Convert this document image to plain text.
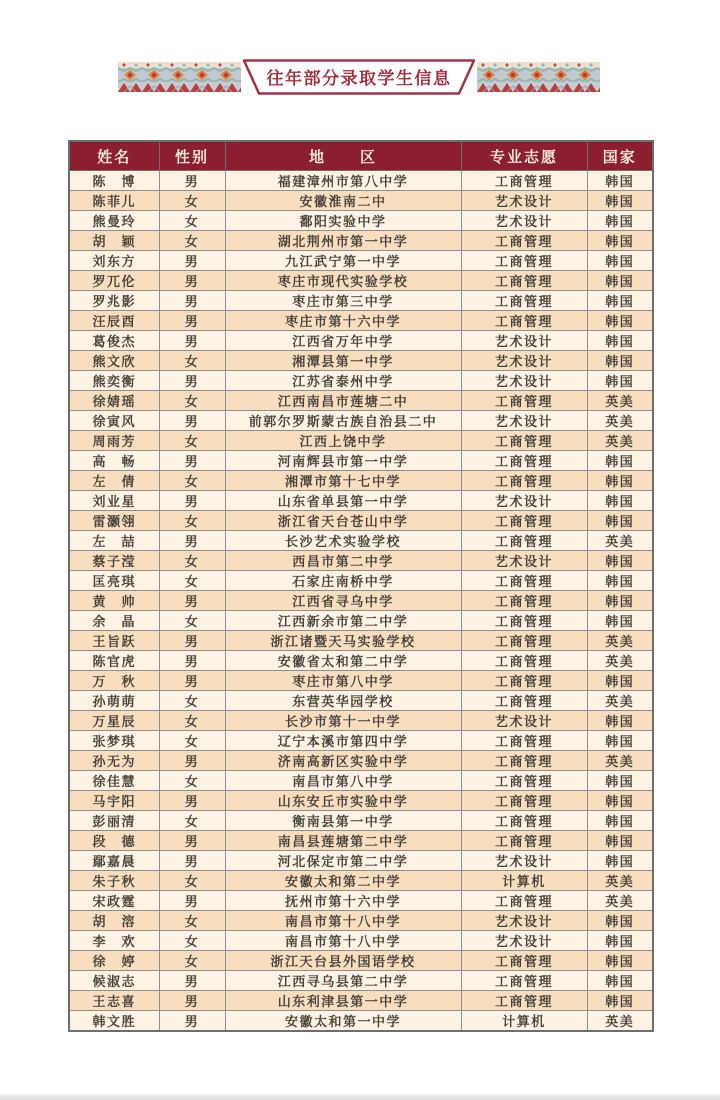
往年部分录取学生信息
姓名	性别	地　　区	专业志愿	国家
陈　博	男	福建漳州市第八中学	工商管理	韩国
陈菲儿	女	安徽淮南二中	艺术设计	韩国
熊曼玲	女	鄱阳实验中学	艺术设计	韩国
胡　颖	女	湖北荆州市第一中学	工商管理	韩国
刘东方	男	九江武宁第一中学	工商管理	韩国
罗兀伦	男	枣庄市现代实验学校	工商管理	韩国
罗兆影	男	枣庄市第三中学	工商管理	韩国
汪辰酉	男	枣庄市第十六中学	工商管理	韩国
葛俊杰	男	江西省万年中学	艺术设计	韩国
熊文欣	女	湘潭县第一中学	艺术设计	韩国
熊奕衡	男	江苏省泰州中学	艺术设计	韩国
徐婧瑶	女	江西南昌市莲塘二中	工商管理	英美
徐寅风	男	前郭尔罗斯蒙古族自治县二中	艺术设计	英美
周雨芳	女	江西上饶中学	工商管理	英美
高　畅	男	河南辉县市第一中学	工商管理	韩国
左　倩	女	湘潭市第十七中学	工商管理	韩国
刘业星	男	山东省单县第一中学	艺术设计	韩国
雷灏翎	女	浙江省天台苍山中学	工商管理	韩国
左　喆	男	长沙艺术实验学校	工商管理	英美
蔡子滢	女	西昌市第二中学	艺术设计	韩国
匡亮琪	女	石家庄南桥中学	工商管理	韩国
黄　帅	男	江西省寻乌中学	工商管理	韩国
余　晶	女	江西新余市第二中学	工商管理	韩国
王旨跃	男	浙江诸暨天马实验学校	工商管理	英美
陈官虎	男	安徽省太和第二中学	工商管理	英美
万　秋	男	枣庄市第八中学	工商管理	韩国
孙萌萌	女	东营英华园学校	工商管理	英美
万星辰	女	长沙市第十一中学	艺术设计	韩国
张梦琪	女	辽宁本溪市第四中学	工商管理	韩国
孙无为	男	济南高新区实验中学	工商管理	英美
徐佳慧	女	南昌市第八中学	工商管理	韩国
马宇阳	男	山东安丘市实验中学	工商管理	韩国
彭丽清	女	衡南县第一中学	工商管理	韩国
段　德	男	南昌县莲塘第二中学	工商管理	韩国
鄢嘉晨	男	河北保定市第二中学	艺术设计	韩国
朱子秋	女	安徽太和第二中学	计算机	英美
宋政霆	男	抚州市第十六中学	工商管理	英美
胡　溶	女	南昌市第十八中学	艺术设计	韩国
李　欢	女	南昌市第十八中学	艺术设计	韩国
徐　婷	女	浙江天台县外国语学校	工商管理	韩国
候淑志	男	江西寻乌县第二中学	工商管理	韩国
王志喜	男	山东利津县第一中学	工商管理	韩国
韩文胜	男	安徽太和第一中学	计算机	英美
